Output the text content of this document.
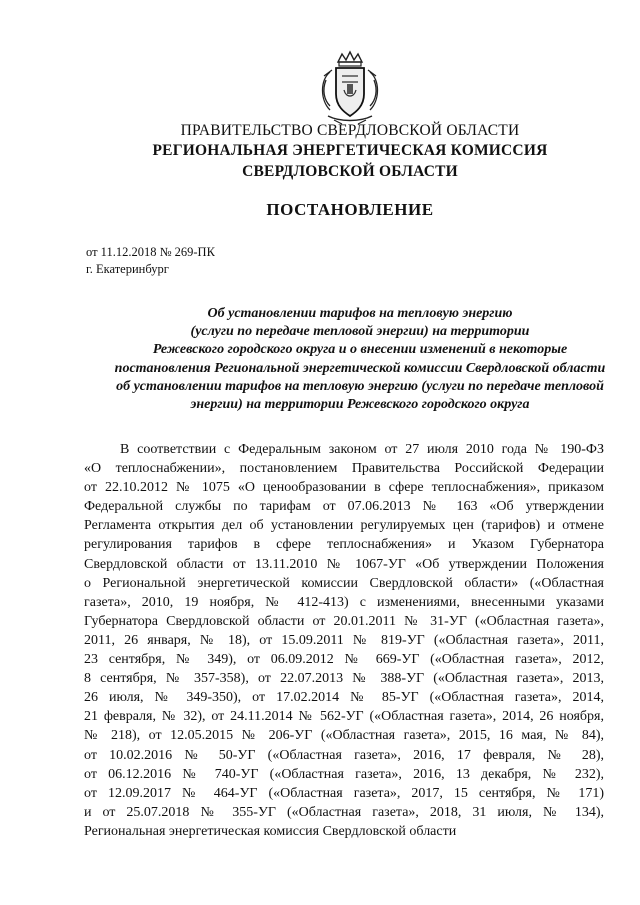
ПРАВИТЕЛЬСТВО СВЕРДЛОВСКОЙ ОБЛАСТИ
РЕГИОНАЛЬНАЯ ЭНЕРГЕТИЧЕСКАЯ КОМИССИЯ
СВЕРДЛОВСКОЙ ОБЛАСТИ
ПОСТАНОВЛЕНИЕ
от 11.12.2018 № 269-ПК
г. Екатеринбург
Об установлении тарифов на тепловую энергию
(услуги по передаче тепловой энергии) на территории
Режевского городского округа и о внесении изменений в некоторые
постановления Региональной энергетической комиссии Свердловской области
об установлении тарифов на тепловую энергию (услуги по передаче тепловой
энергии) на территории Режевского городского округа
В соответствии с Федеральным законом от 27 июля 2010 года № 190-ФЗ
«О теплоснабжении», постановлением Правительства Российской Федерации
от 22.10.2012 № 1075 «О ценообразовании в сфере теплоснабжения», приказом
Федеральной службы по тарифам от 07.06.2013 № 163 «Об утверждении
Регламента открытия дел об установлении регулируемых цен (тарифов) и отмене
регулирования тарифов в сфере теплоснабжения» и Указом Губернатора
Свердловской области от 13.11.2010 № 1067-УГ «Об утверждении Положения
о Региональной энергетической комиссии Свердловской области» («Областная
газета», 2010, 19 ноября, № 412-413) с изменениями, внесенными указами
Губернатора Свердловской области от 20.01.2011 № 31-УГ («Областная газета»,
2011, 26 января, № 18), от 15.09.2011 № 819-УГ («Областная газета», 2011,
23 сентября, № 349), от 06.09.2012 № 669-УГ («Областная газета», 2012,
8 сентября, № 357-358), от 22.07.2013 № 388-УГ («Областная газета», 2013,
26 июля, № 349-350), от 17.02.2014 № 85-УГ («Областная газета», 2014,
21 февраля, № 32), от 24.11.2014 № 562-УГ («Областная газета», 2014, 26 ноября,
№ 218), от 12.05.2015 № 206-УГ («Областная газета», 2015, 16 мая, № 84),
от 10.02.2016 № 50-УГ («Областная газета», 2016, 17 февраля, № 28),
от 06.12.2016 № 740-УГ («Областная газета», 2016, 13 декабря, № 232),
от 12.09.2017 № 464-УГ («Областная газета», 2017, 15 сентября, № 171)
и от 25.07.2018 № 355-УГ («Областная газета», 2018, 31 июля, № 134),
Региональная энергетическая комиссия Свердловской области
